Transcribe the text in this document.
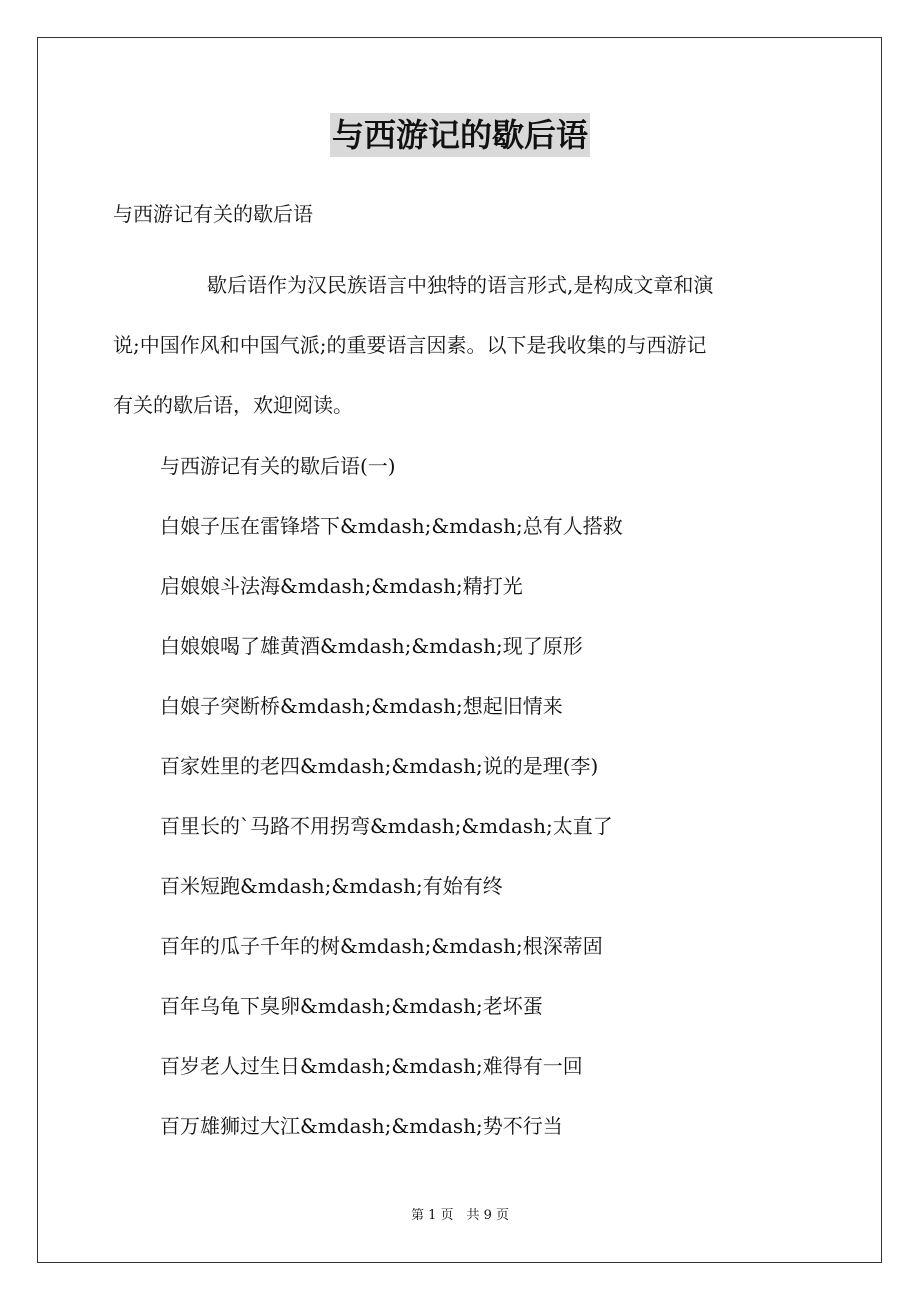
与西游记的歇后语
与西游记有关的歇后语
歇后语作为汉民族语言中独特的语言形式,是构成文章和演
说;中国作风和中国气派;的重要语言因素。以下是我收集的与西游记
有关的歇后语，欢迎阅读。
与西游记有关的歇后语(一)
白娘子压在雷锋塔下&mdash;&mdash;总有人搭救
启娘娘斗法海&mdash;&mdash;精打光
白娘娘喝了雄黄酒&mdash;&mdash;现了原形
白娘子突断桥&mdash;&mdash;想起旧情来
百家姓里的老四&mdash;&mdash;说的是理(李)
百里长的`马路不用拐弯&mdash;&mdash;太直了
百米短跑&mdash;&mdash;有始有终
百年的瓜子千年的树&mdash;&mdash;根深蒂固
百年乌龟下臭卵&mdash;&mdash;老坏蛋
百岁老人过生日&mdash;&mdash;难得有一回
百万雄狮过大江&mdash;&mdash;势不行当
第 1 页　共 9 页
